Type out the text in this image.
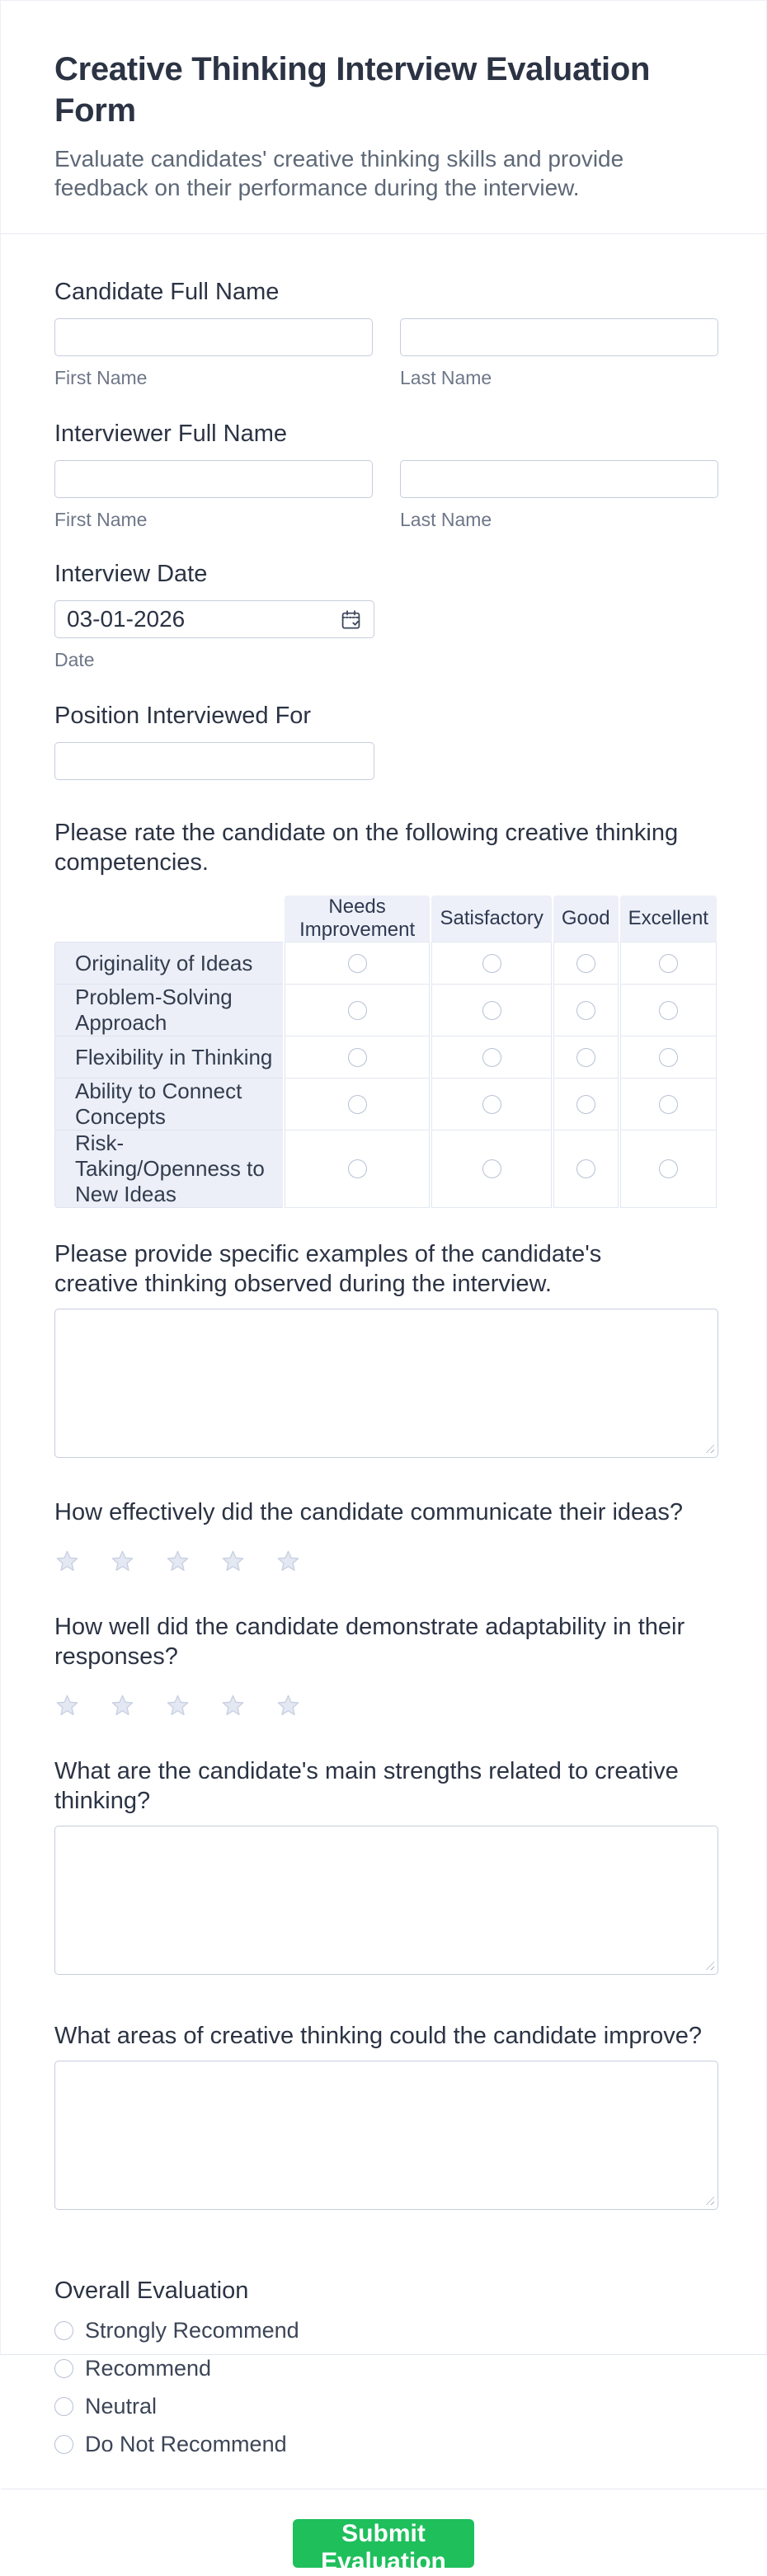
Creative Thinking Interview Evaluation Form
Evaluate candidates' creative thinking skills and provide feedback on their performance during the interview.
Candidate Full Name
First Name	Last Name
Interviewer Full Name
First Name	Last Name
Interview Date
03-01-2026
Date
Position Interviewed For
Please rate the candidate on the following creative thinking competencies.
	Needs Improvement	Satisfactory	Good	Excellent
Originality of Ideas				
Problem-Solving Approach				
Flexibility in Thinking				
Ability to Connect Concepts				
Risk-Taking/Openness to New Ideas				
Please provide specific examples of the candidate's creative thinking observed during the interview.
How effectively did the candidate communicate their ideas?
How well did the candidate demonstrate adaptability in their responses?
What are the candidate's main strengths related to creative thinking?
What areas of creative thinking could the candidate improve?
Overall Evaluation
Strongly Recommend
Recommend
Neutral
Do Not Recommend
Submit Evaluation
